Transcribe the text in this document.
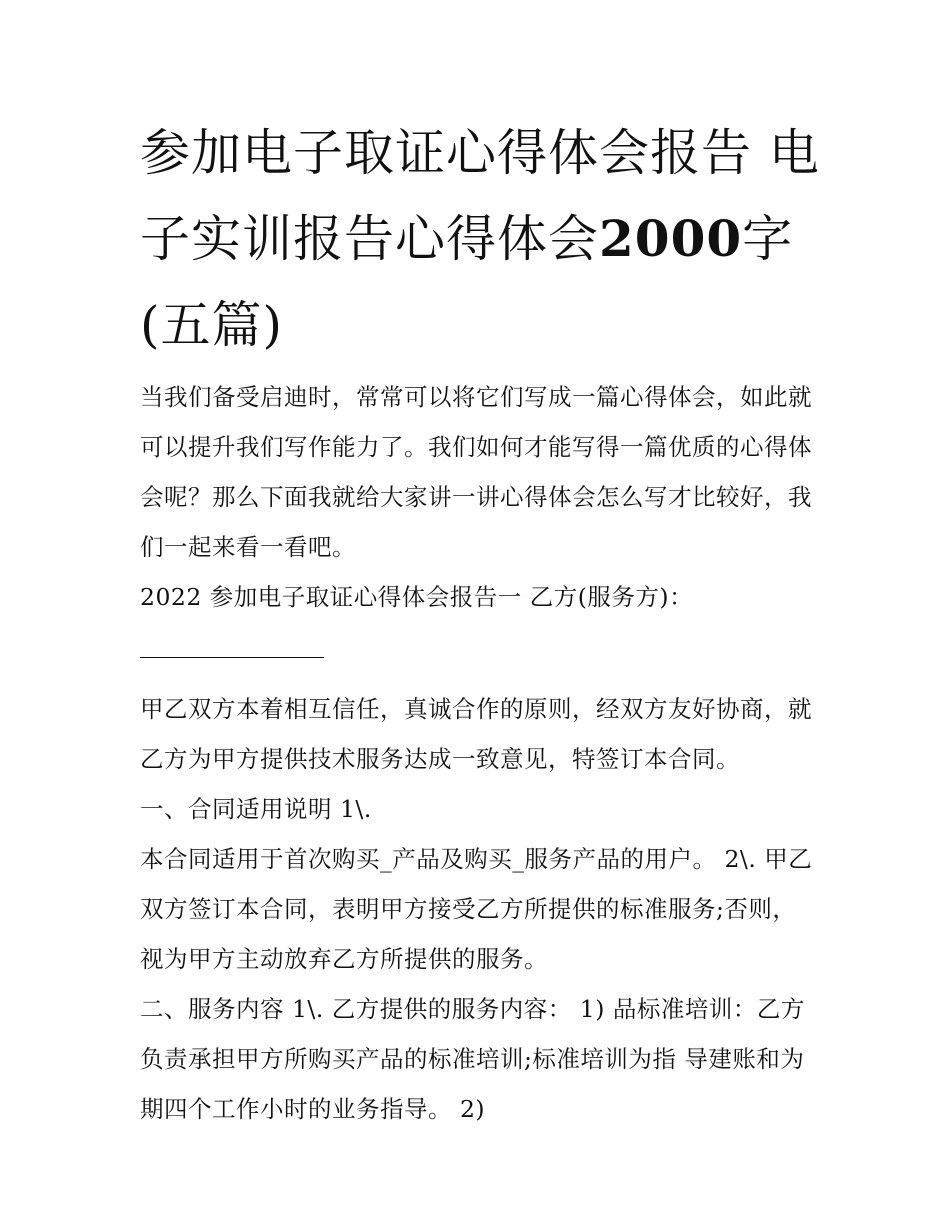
参加电子取证心得体会报告 电子实训报告心得体会2000字(五篇)

当我们备受启迪时，常常可以将它们写成一篇心得体会，如此就可以提升我们写作能力了。我们如何才能写得一篇优质的心得体会呢？那么下面我就给大家讲一讲心得体会怎么写才比较好，我们一起来看一看吧。

2022 参加电子取证心得体会报告一 乙方(服务方)：

甲乙双方本着相互信任，真诚合作的原则，经双方友好协商，就乙方为甲方提供技术服务达成一致意见，特签订本合同。

一、合同适用说明 1\.

本合同适用于首次购买_产品及购买_服务产品的用户。 2\. 甲乙双方签订本合同，表明甲方接受乙方所提供的标准服务;否则，视为甲方主动放弃乙方所提供的服务。

二、服务内容 1\. 乙方提供的服务内容： 1) 品标准培训：乙方负责承担甲方所购买产品的标准培训;标准培训为指 导建账和为期四个工作小时的业务指导。 2)
